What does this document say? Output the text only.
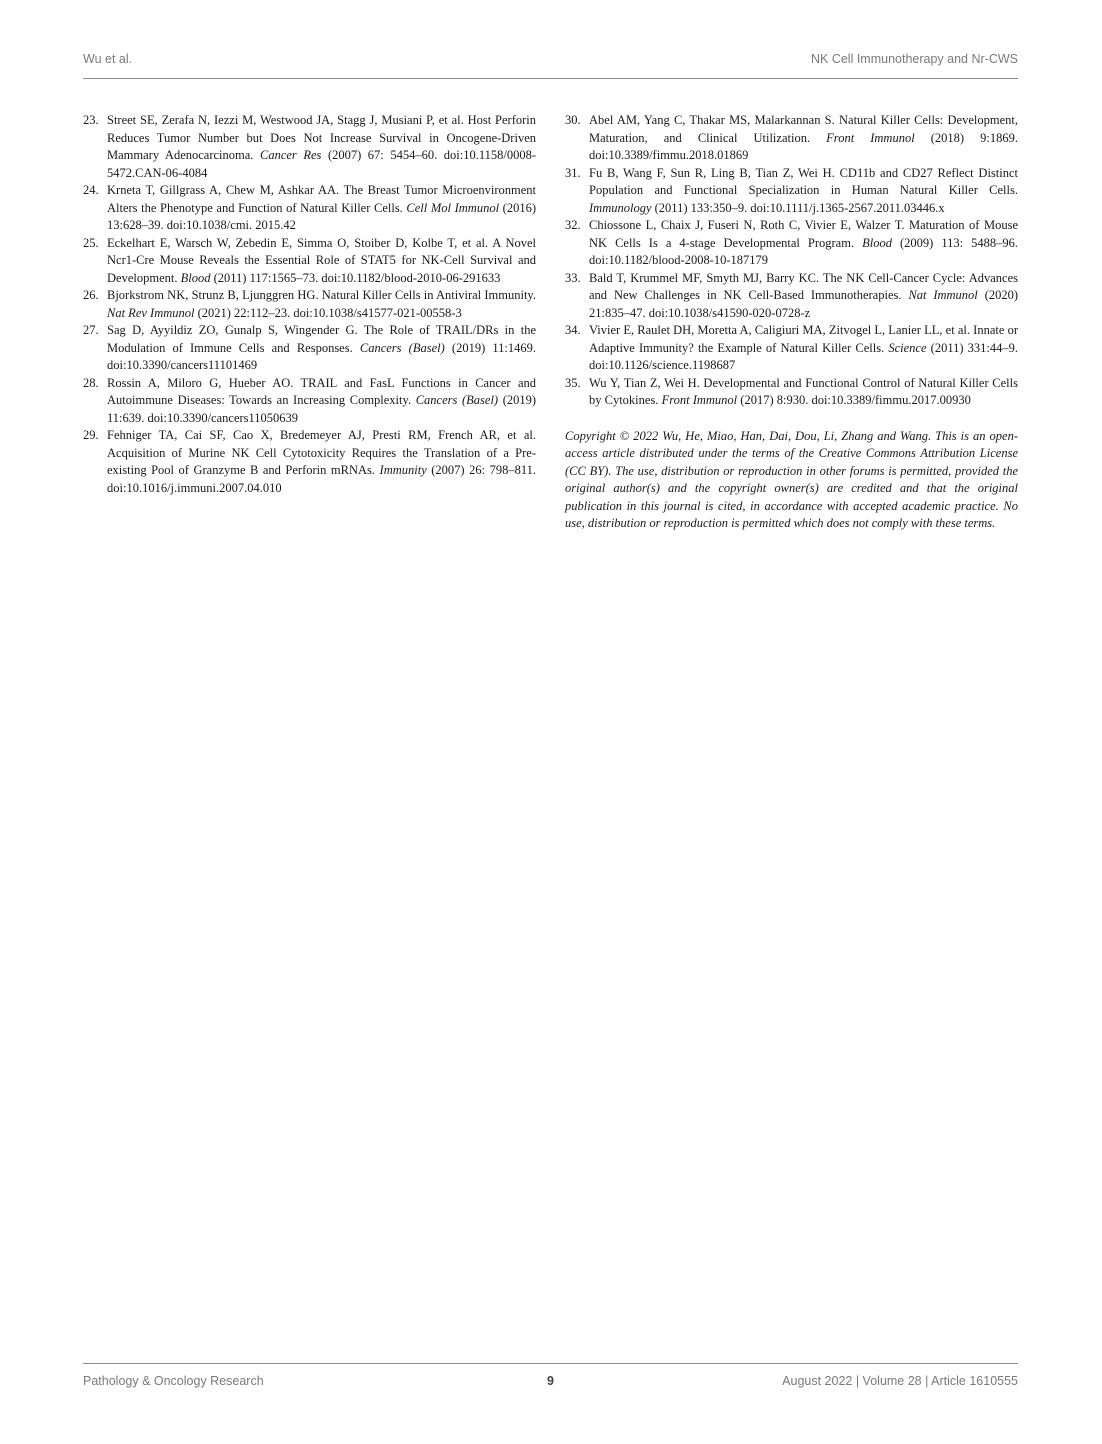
Wu et al.	NK Cell Immunotherapy and Nr-CWS
23. Street SE, Zerafa N, Iezzi M, Westwood JA, Stagg J, Musiani P, et al. Host Perforin Reduces Tumor Number but Does Not Increase Survival in Oncogene-Driven Mammary Adenocarcinoma. Cancer Res (2007) 67: 5454–60. doi:10.1158/0008-5472.CAN-06-4084
24. Krneta T, Gillgrass A, Chew M, Ashkar AA. The Breast Tumor Microenvironment Alters the Phenotype and Function of Natural Killer Cells. Cell Mol Immunol (2016) 13:628–39. doi:10.1038/cmi. 2015.42
25. Eckelhart E, Warsch W, Zebedin E, Simma O, Stoiber D, Kolbe T, et al. A Novel Ncr1-Cre Mouse Reveals the Essential Role of STAT5 for NK-Cell Survival and Development. Blood (2011) 117:1565–73. doi:10.1182/blood-2010-06-291633
26. Bjorkstrom NK, Strunz B, Ljunggren HG. Natural Killer Cells in Antiviral Immunity. Nat Rev Immunol (2021) 22:112–23. doi:10.1038/s41577-021-00558-3
27. Sag D, Ayyildiz ZO, Gunalp S, Wingender G. The Role of TRAIL/DRs in the Modulation of Immune Cells and Responses. Cancers (Basel) (2019) 11:1469. doi:10.3390/cancers11101469
28. Rossin A, Miloro G, Hueber AO. TRAIL and FasL Functions in Cancer and Autoimmune Diseases: Towards an Increasing Complexity. Cancers (Basel) (2019) 11:639. doi:10.3390/cancers11050639
29. Fehniger TA, Cai SF, Cao X, Bredemeyer AJ, Presti RM, French AR, et al. Acquisition of Murine NK Cell Cytotoxicity Requires the Translation of a Pre-existing Pool of Granzyme B and Perforin mRNAs. Immunity (2007) 26: 798–811. doi:10.1016/j.immuni.2007.04.010
30. Abel AM, Yang C, Thakar MS, Malarkannan S. Natural Killer Cells: Development, Maturation, and Clinical Utilization. Front Immunol (2018) 9:1869. doi:10.3389/fimmu.2018.01869
31. Fu B, Wang F, Sun R, Ling B, Tian Z, Wei H. CD11b and CD27 Reflect Distinct Population and Functional Specialization in Human Natural Killer Cells. Immunology (2011) 133:350–9. doi:10.1111/j.1365-2567.2011.03446.x
32. Chiossone L, Chaix J, Fuseri N, Roth C, Vivier E, Walzer T. Maturation of Mouse NK Cells Is a 4-stage Developmental Program. Blood (2009) 113: 5488–96. doi:10.1182/blood-2008-10-187179
33. Bald T, Krummel MF, Smyth MJ, Barry KC. The NK Cell-Cancer Cycle: Advances and New Challenges in NK Cell-Based Immunotherapies. Nat Immunol (2020) 21:835–47. doi:10.1038/s41590-020-0728-z
34. Vivier E, Raulet DH, Moretta A, Caligiuri MA, Zitvogel L, Lanier LL, et al. Innate or Adaptive Immunity? the Example of Natural Killer Cells. Science (2011) 331:44–9. doi:10.1126/science.1198687
35. Wu Y, Tian Z, Wei H. Developmental and Functional Control of Natural Killer Cells by Cytokines. Front Immunol (2017) 8:930. doi:10.3389/fimmu.2017.00930

Copyright © 2022 Wu, He, Miao, Han, Dai, Dou, Li, Zhang and Wang. This is an open-access article distributed under the terms of the Creative Commons Attribution License (CC BY). The use, distribution or reproduction in other forums is permitted, provided the original author(s) and the copyright owner(s) are credited and that the original publication in this journal is cited, in accordance with accepted academic practice. No use, distribution or reproduction is permitted which does not comply with these terms.

Pathology & Oncology Research	9	August 2022 | Volume 28 | Article 1610555
